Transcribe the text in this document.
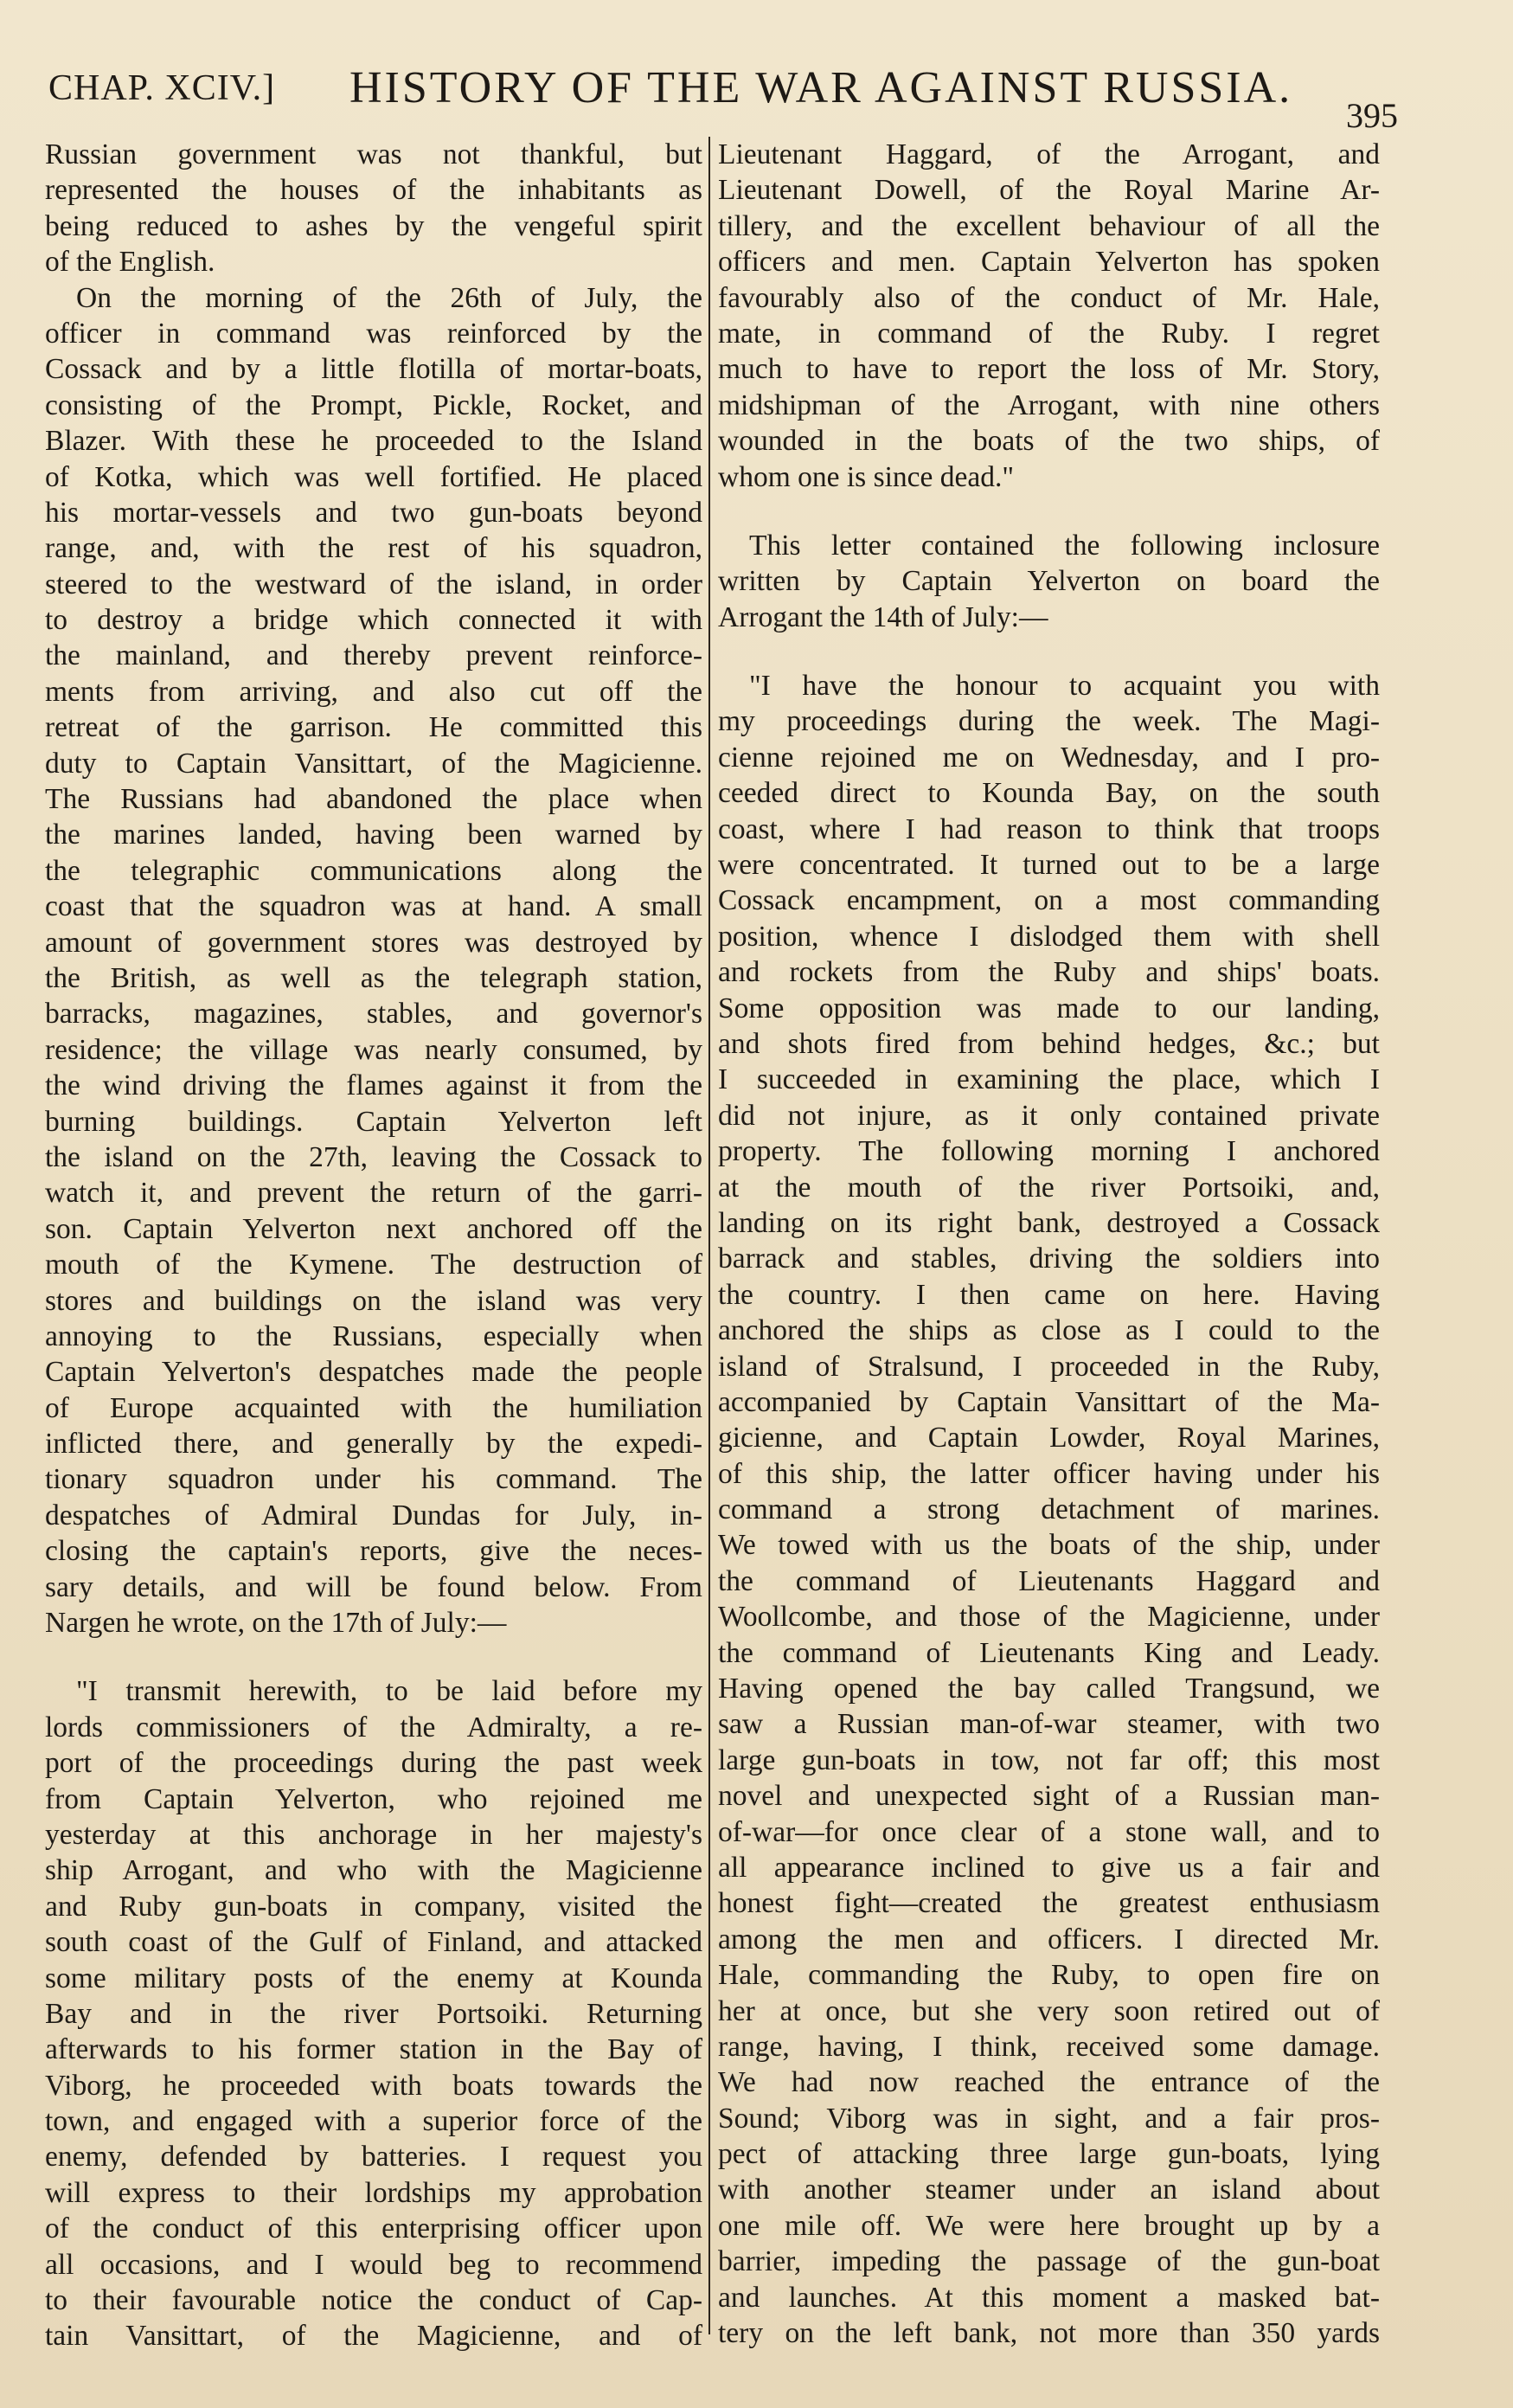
CHAP. XCIV.] HISTORY OF THE WAR AGAINST RUSSIA.
395
Russian government was not thankful, but
represented the houses of the inhabitants as
being reduced to ashes by the vengeful spirit
of the English.
On the morning of the 26th of July, the
officer in command was reinforced by the
Cossack and by a little flotilla of mortar-boats,
consisting of the Prompt, Pickle, Rocket, and
Blazer. With these he proceeded to the Island
of Kotka, which was well fortified. He placed
his mortar-vessels and two gun-boats beyond
range, and, with the rest of his squadron,
steered to the westward of the island, in order
to destroy a bridge which connected it with
the mainland, and thereby prevent reinforce-
ments from arriving, and also cut off the
retreat of the garrison. He committed this
duty to Captain Vansittart, of the Magicienne.
The Russians had abandoned the place when
the marines landed, having been warned by
the telegraphic communications along the
coast that the squadron was at hand. A small
amount of government stores was destroyed by
the British, as well as the telegraph station,
barracks, magazines, stables, and governor's
residence; the village was nearly consumed, by
the wind driving the flames against it from the
burning buildings. Captain Yelverton left
the island on the 27th, leaving the Cossack to
watch it, and prevent the return of the garri-
son. Captain Yelverton next anchored off the
mouth of the Kymene. The destruction of
stores and buildings on the island was very
annoying to the Russians, especially when
Captain Yelverton's despatches made the people
of Europe acquainted with the humiliation
inflicted there, and generally by the expedi-
tionary squadron under his command. The
despatches of Admiral Dundas for July, in-
closing the captain's reports, give the neces-
sary details, and will be found below. From
Nargen he wrote, on the 17th of July:—
"I transmit herewith, to be laid before my
lords commissioners of the Admiralty, a re-
port of the proceedings during the past week
from Captain Yelverton, who rejoined me
yesterday at this anchorage in her majesty's
ship Arrogant, and who with the Magicienne
and Ruby gun-boats in company, visited the
south coast of the Gulf of Finland, and attacked
some military posts of the enemy at Kounda
Bay and in the river Portsoiki. Returning
afterwards to his former station in the Bay of
Viborg, he proceeded with boats towards the
town, and engaged with a superior force of the
enemy, defended by batteries. I request you
will express to their lordships my approbation
of the conduct of this enterprising officer upon
all occasions, and I would beg to recommend
to their favourable notice the conduct of Cap-
tain Vansittart, of the Magicienne, and of
Lieutenant Haggard, of the Arrogant, and
Lieutenant Dowell, of the Royal Marine Ar-
tillery, and the excellent behaviour of all the
officers and men. Captain Yelverton has spoken
favourably also of the conduct of Mr. Hale,
mate, in command of the Ruby. I regret
much to have to report the loss of Mr. Story,
midshipman of the Arrogant, with nine others
wounded in the boats of the two ships, of
whom one is since dead."
This letter contained the following inclosure
written by Captain Yelverton on board the
Arrogant the 14th of July:—
"I have the honour to acquaint you with
my proceedings during the week. The Magi-
cienne rejoined me on Wednesday, and I pro-
ceeded direct to Kounda Bay, on the south
coast, where I had reason to think that troops
were concentrated. It turned out to be a large
Cossack encampment, on a most commanding
position, whence I dislodged them with shell
and rockets from the Ruby and ships' boats.
Some opposition was made to our landing,
and shots fired from behind hedges, &c.; but
I succeeded in examining the place, which I
did not injure, as it only contained private
property. The following morning I anchored
at the mouth of the river Portsoiki, and,
landing on its right bank, destroyed a Cossack
barrack and stables, driving the soldiers into
the country. I then came on here. Having
anchored the ships as close as I could to the
island of Stralsund, I proceeded in the Ruby,
accompanied by Captain Vansittart of the Ma-
gicienne, and Captain Lowder, Royal Marines,
of this ship, the latter officer having under his
command a strong detachment of marines.
We towed with us the boats of the ship, under
the command of Lieutenants Haggard and
Woollcombe, and those of the Magicienne, under
the command of Lieutenants King and Leady.
Having opened the bay called Trangsund, we
saw a Russian man-of-war steamer, with two
large gun-boats in tow, not far off; this most
novel and unexpected sight of a Russian man-
of-war—for once clear of a stone wall, and to
all appearance inclined to give us a fair and
honest fight—created the greatest enthusiasm
among the men and officers. I directed Mr.
Hale, commanding the Ruby, to open fire on
her at once, but she very soon retired out of
range, having, I think, received some damage.
We had now reached the entrance of the
Sound; Viborg was in sight, and a fair pros-
pect of attacking three large gun-boats, lying
with another steamer under an island about
one mile off. We were here brought up by a
barrier, impeding the passage of the gun-boat
and launches. At this moment a masked bat-
tery on the left bank, not more than 350 yards
